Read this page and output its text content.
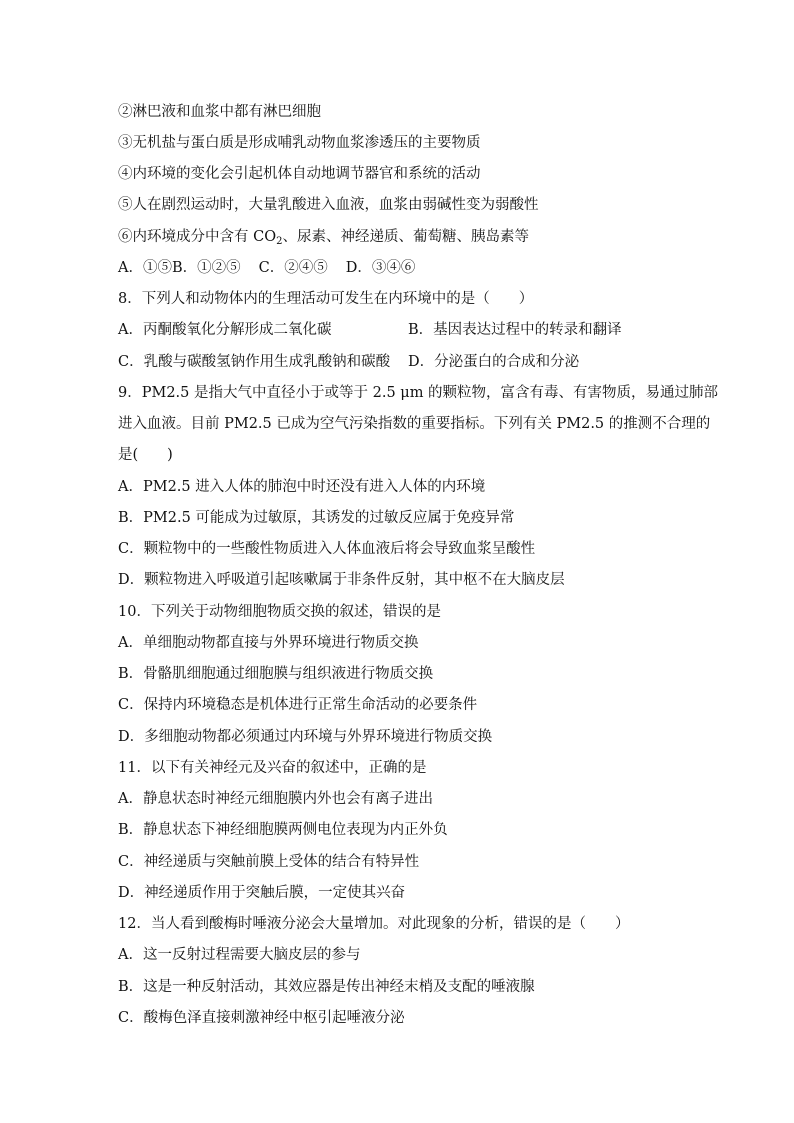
②淋巴液和血浆中都有淋巴细胞

③无机盐与蛋白质是形成哺乳动物血浆渗透压的主要物质

④内环境的变化会引起机体自动地调节器官和系统的活动

⑤人在剧烈运动时，大量乳酸进入血液，血浆由弱碱性变为弱酸性

⑥内环境成分中含有 $CO_2$、尿素、神经递质、葡萄糖、胰岛素等

A．①⑤B．①②⑤ C．②④⑤ D．③④⑥

8．下列人和动物体内的生理活动可发生在内环境中的是（　　）

A．丙酮酸氧化分解形成二氧化碳	B．基因表达过程中的转录和翻译

C．乳酸与碳酸氢钠作用生成乳酸钠和碳酸 D．分泌蛋白的合成和分泌

9．PM2.5 是指大气中直径小于或等于 2.5 μm 的颗粒物，富含有毒、有害物质，易通过肺部

进入血液。目前 PM2.5 已成为空气污染指数的重要指标。下列有关 PM2.5 的推测不合理的

是(　　)

A．PM2.5 进入人体的肺泡中时还没有进入人体的内环境

B．PM2.5 可能成为过敏原，其诱发的过敏反应属于免疫异常

C．颗粒物中的一些酸性物质进入人体血液后将会导致血浆呈酸性

D．颗粒物进入呼吸道引起咳嗽属于非条件反射，其中枢不在大脑皮层

10．下列关于动物细胞物质交换的叙述，错误的是

A．单细胞动物都直接与外界环境进行物质交换

B．骨骼肌细胞通过细胞膜与组织液进行物质交换

C．保持内环境稳态是机体进行正常生命活动的必要条件

D．多细胞动物都必须通过内环境与外界环境进行物质交换

11．以下有关神经元及兴奋的叙述中，正确的是

A．静息状态时神经元细胞膜内外也会有离子进出

B．静息状态下神经细胞膜两侧电位表现为内正外负

C．神经递质与突触前膜上受体的结合有特异性

D．神经递质作用于突触后膜，一定使其兴奋

12．当人看到酸梅时唾液分泌会大量增加。对此现象的分析，错误的是（　　）

A．这一反射过程需要大脑皮层的参与

B．这是一种反射活动，其效应器是传出神经末梢及支配的唾液腺

C．酸梅色泽直接刺激神经中枢引起唾液分泌
